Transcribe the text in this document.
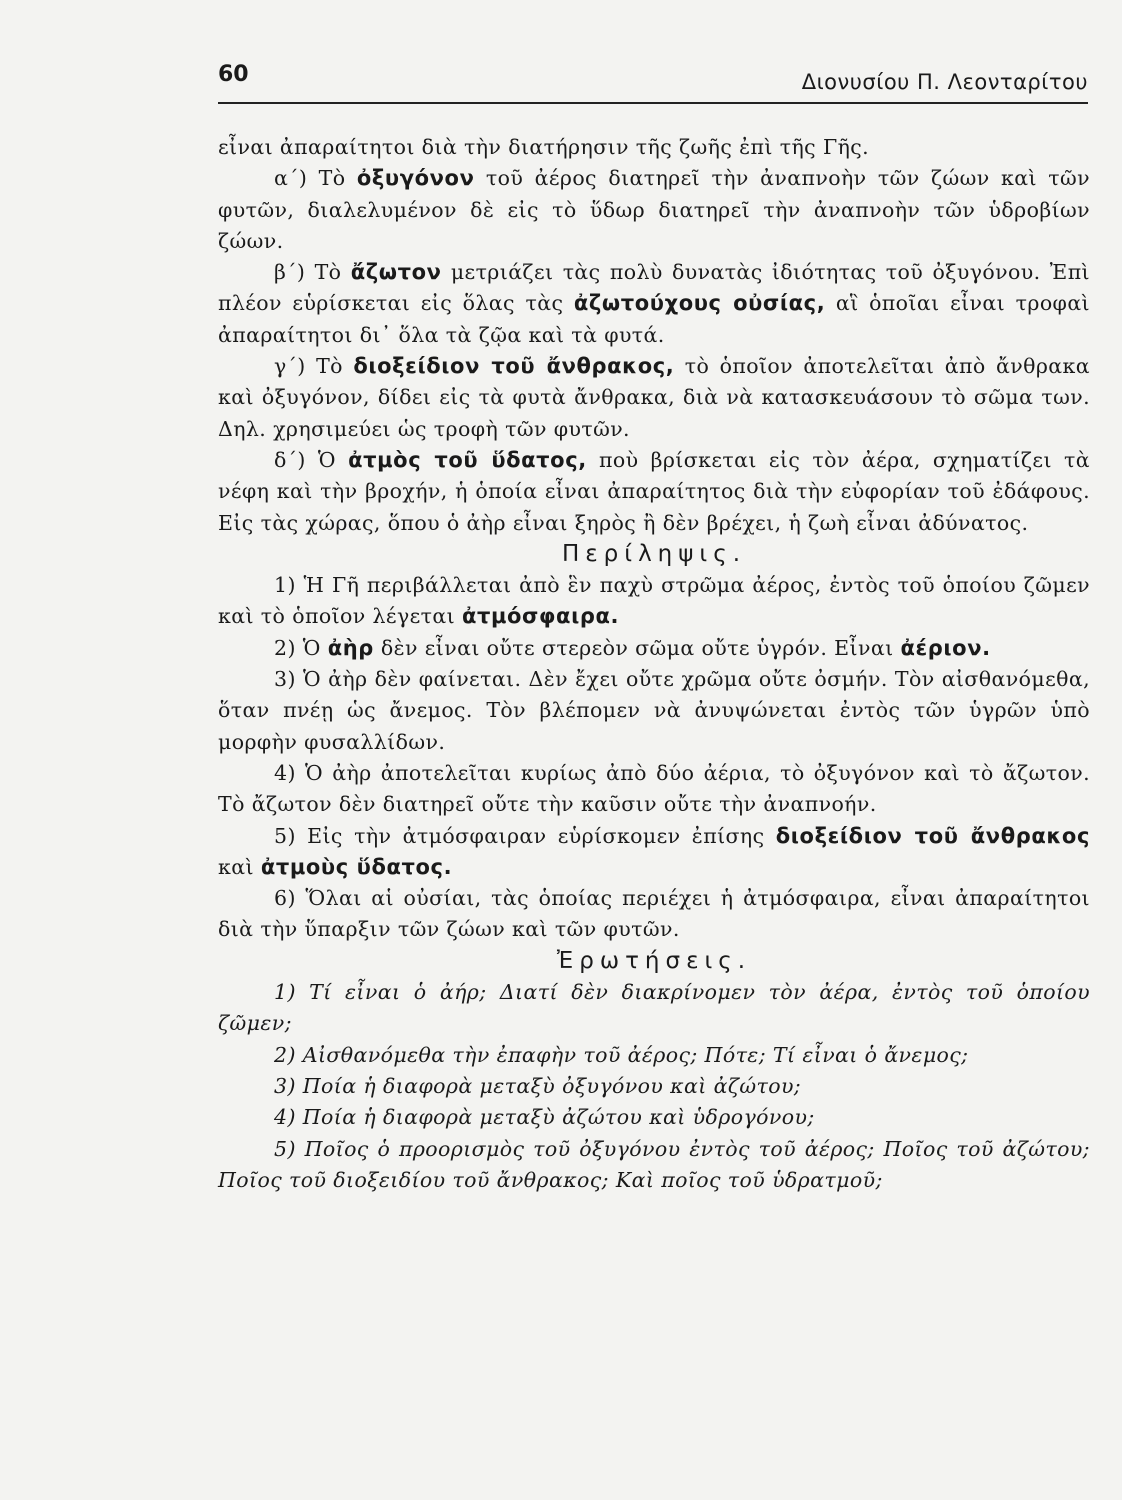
60	Διονυσίου Π. Λεονταρίτου

εἶναι ἀπαραίτητοι διὰ τὴν διατήρησιν τῆς ζωῆς ἐπὶ τῆς Γῆς.

α΄) Τὸ ὀξυγόνον τοῦ ἀέρος διατηρεῖ τὴν ἀναπνοὴν τῶν ζώων καὶ τῶν φυτῶν, διαλελυμένον δὲ εἰς τὸ ὕδωρ διατηρεῖ τὴν ἀναπνοὴν τῶν ὑδροβίων ζώων.

β΄) Τὸ ἄζωτον μετριάζει τὰς πολὺ δυνατὰς ἰδιότητας τοῦ ὀξυγόνου. Ἐπὶ πλέον εὑρίσκεται εἰς ὅλας τὰς ἀζωτούχους οὐσίας, αἳ ὁποῖαι εἶναι τροφαὶ ἀπαραίτητοι δι᾽ ὅλα τὰ ζῷα καὶ τὰ φυτά.

γ΄) Τὸ διοξείδιον τοῦ ἄνθρακος, τὸ ὁποῖον ἀποτελεῖται ἀπὸ ἄνθρακα καὶ ὀξυγόνον, δίδει εἰς τὰ φυτὰ ἄνθρακα, διὰ νὰ κατασκευάσουν τὸ σῶμα των. Δηλ. χρησιμεύει ὡς τροφὴ τῶν φυτῶν.

δ΄) Ὁ ἀτμὸς τοῦ ὕδατος, ποὺ βρίσκεται εἰς τὸν ἀέρα, σχηματίζει τὰ νέφη καὶ τὴν βροχήν, ἡ ὁποία εἶναι ἀπαραίτητος διὰ τὴν εὐφορίαν τοῦ ἐδάφους. Εἰς τὰς χώρας, ὅπου ὁ ἀὴρ εἶναι ξηρὸς ἢ δὲν βρέχει, ἡ ζωὴ εἶναι ἀδύνατος.

Περίληψις.

1) Ἡ Γῆ περιβάλλεται ἀπὸ ἓν παχὺ στρῶμα ἀέρος, ἐντὸς τοῦ ὁποίου ζῶμεν καὶ τὸ ὁποῖον λέγεται ἀτμόσφαιρα.

2) Ὁ ἀὴρ δὲν εἶναι οὔτε στερεὸν σῶμα οὔτε ὑγρόν. Εἶναι ἀέριον.

3) Ὁ ἀὴρ δὲν φαίνεται. Δὲν ἔχει οὔτε χρῶμα οὔτε ὀσμήν. Τὸν αἰσθανόμεθα, ὅταν πνέῃ ὡς ἄνεμος. Τὸν βλέπομεν νὰ ἀνυψώνεται ἐντὸς τῶν ὑγρῶν ὑπὸ μορφὴν φυσαλλίδων.

4) Ὁ ἀὴρ ἀποτελεῖται κυρίως ἀπὸ δύο ἀέρια, τὸ ὀξυγόνον καὶ τὸ ἄζωτον. Τὸ ἄζωτον δὲν διατηρεῖ οὔτε τὴν καῦσιν οὔτε τὴν ἀναπνοήν.

5) Εἰς τὴν ἀτμόσφαιραν εὑρίσκομεν ἐπίσης διοξείδιον τοῦ ἄνθρακος καὶ ἀτμοὺς ὕδατος.

6) Ὅλαι αἱ οὐσίαι, τὰς ὁποίας περιέχει ἡ ἀτμόσφαιρα, εἶναι ἀπαραίτητοι διὰ τὴν ὕπαρξιν τῶν ζώων καὶ τῶν φυτῶν.

Ἐρωτήσεις.

1) Τί εἶναι ὁ ἀήρ; Διατί δὲν διακρίνομεν τὸν ἀέρα, ἐντὸς τοῦ ὁποίου ζῶμεν;

2) Αἰσθανόμεθα τὴν ἐπαφὴν τοῦ ἀέρος; Πότε; Τί εἶναι ὁ ἄνεμος;

3) Ποία ἡ διαφορὰ μεταξὺ ὀξυγόνου καὶ ἀζώτου;

4) Ποία ἡ διαφορὰ μεταξὺ ἀζώτου καὶ ὑδρογόνου;

5) Ποῖος ὁ προορισμὸς τοῦ ὀξυγόνου ἐντὸς τοῦ ἀέρος; Ποῖος τοῦ ἀζώτου; Ποῖος τοῦ διοξειδίου τοῦ ἄνθρακος; Καὶ ποῖος τοῦ ὑδρατμοῦ;
